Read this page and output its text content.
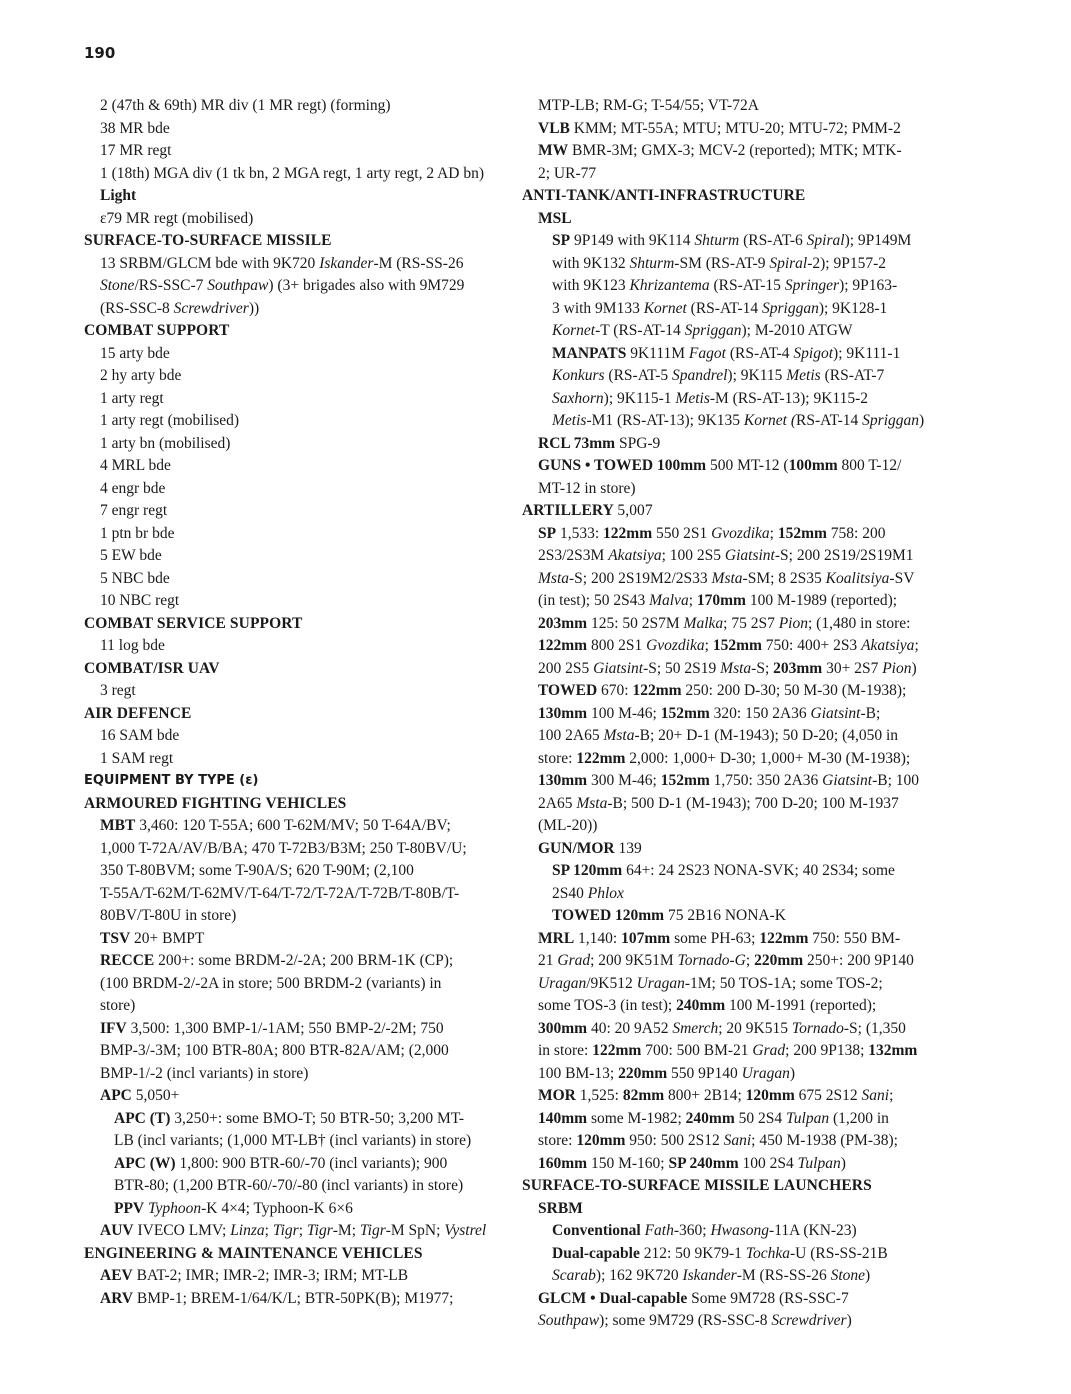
190
2 (47th & 69th) MR div (1 MR regt) (forming)
38 MR bde
17 MR regt
1 (18th) MGA div (1 tk bn, 2 MGA regt, 1 arty regt, 2 AD bn)
Light
ε79 MR regt (mobilised)
SURFACE-TO-SURFACE MISSILE
13 SRBM/GLCM bde with 9K720 Iskander-M (RS-SS-26
Stone/RS-SSC-7 Southpaw) (3+ brigades also with 9M729
(RS-SSC-8 Screwdriver))
COMBAT SUPPORT
15 arty bde
2 hy arty bde
1 arty regt
1 arty regt (mobilised)
1 arty bn (mobilised)
4 MRL bde
4 engr bde
7 engr regt
1 ptn br bde
5 EW bde
5 NBC bde
10 NBC regt
COMBAT SERVICE SUPPORT
11 log bde
COMBAT/ISR UAV
3 regt
AIR DEFENCE
16 SAM bde
1 SAM regt
EQUIPMENT BY TYPE (ε)
ARMOURED FIGHTING VEHICLES
MBT 3,460: 120 T-55A; 600 T-62M/MV; 50 T-64A/BV;
1,000 T-72A/AV/B/BA; 470 T-72B3/B3M; 250 T-80BV/U;
350 T-80BVM; some T-90A/S; 620 T-90M; (2,100
T-55A/T-62M/T-62MV/T-64/T-72/T-72A/T-72B/T-80B/T-
80BV/T-80U in store)
TSV 20+ BMPT
RECCE 200+: some BRDM-2/-2A; 200 BRM-1K (CP);
(100 BRDM-2/-2A in store; 500 BRDM-2 (variants) in
store)
IFV 3,500: 1,300 BMP-1/-1AM; 550 BMP-2/-2M; 750
BMP-3/-3M; 100 BTR-80A; 800 BTR-82A/AM; (2,000
BMP-1/-2 (incl variants) in store)
APC 5,050+
APC (T) 3,250+: some BMO-T; 50 BTR-50; 3,200 MT-
LB (incl variants; (1,000 MT-LB† (incl variants) in store)
APC (W) 1,800: 900 BTR-60/-70 (incl variants); 900
BTR-80; (1,200 BTR-60/-70/-80 (incl variants) in store)
PPV Typhoon-K 4×4; Typhoon-K 6×6
AUV IVECO LMV; Linza; Tigr; Tigr-M; Tigr-M SpN; Vystrel
ENGINEERING & MAINTENANCE VEHICLES
AEV BAT-2; IMR; IMR-2; IMR-3; IRM; MT-LB
ARV BMP-1; BREM-1/64/K/L; BTR-50PK(B); M1977;
MTP-LB; RM-G; T-54/55; VT-72A
VLB KMM; MT-55A; MTU; MTU-20; MTU-72; PMM-2
MW BMR-3M; GMX-3; MCV-2 (reported); MTK; MTK-
2; UR-77
ANTI-TANK/ANTI-INFRASTRUCTURE
MSL
SP 9P149 with 9K114 Shturm (RS-AT-6 Spiral); 9P149M
with 9K132 Shturm-SM (RS-AT-9 Spiral-2); 9P157-2
with 9K123 Khrizantema (RS-AT-15 Springer); 9P163-
3 with 9M133 Kornet (RS-AT-14 Spriggan); 9K128-1
Kornet-T (RS-AT-14 Spriggan); M-2010 ATGW
MANPATS 9K111M Fagot (RS-AT-4 Spigot); 9K111-1
Konkurs (RS-AT-5 Spandrel); 9K115 Metis (RS-AT-7
Saxhorn); 9K115-1 Metis-M (RS-AT-13); 9K115-2
Metis-M1 (RS-AT-13); 9K135 Kornet (RS-AT-14 Spriggan)
RCL 73mm SPG-9
GUNS • TOWED 100mm 500 MT-12 (100mm 800 T-12/
MT-12 in store)
ARTILLERY 5,007
SP 1,533: 122mm 550 2S1 Gvozdika; 152mm 758: 200
2S3/2S3M Akatsiya; 100 2S5 Giatsint-S; 200 2S19/2S19M1
Msta-S; 200 2S19M2/2S33 Msta-SM; 8 2S35 Koalitsiya-SV
(in test); 50 2S43 Malva; 170mm 100 M-1989 (reported);
203mm 125: 50 2S7M Malka; 75 2S7 Pion; (1,480 in store:
122mm 800 2S1 Gvozdika; 152mm 750: 400+ 2S3 Akatsiya;
200 2S5 Giatsint-S; 50 2S19 Msta-S; 203mm 30+ 2S7 Pion)
TOWED 670: 122mm 250: 200 D-30; 50 M-30 (M-1938);
130mm 100 M-46; 152mm 320: 150 2A36 Giatsint-B;
100 2A65 Msta-B; 20+ D-1 (M-1943); 50 D-20; (4,050 in
store: 122mm 2,000: 1,000+ D-30; 1,000+ M-30 (M-1938);
130mm 300 M-46; 152mm 1,750: 350 2A36 Giatsint-B; 100
2A65 Msta-B; 500 D-1 (M-1943); 700 D-20; 100 M-1937
(ML-20))
GUN/MOR 139
SP 120mm 64+: 24 2S23 NONA-SVK; 40 2S34; some
2S40 Phlox
TOWED 120mm 75 2B16 NONA-K
MRL 1,140: 107mm some PH-63; 122mm 750: 550 BM-
21 Grad; 200 9K51M Tornado-G; 220mm 250+: 200 9P140
Uragan/9K512 Uragan-1M; 50 TOS-1A; some TOS-2;
some TOS-3 (in test); 240mm 100 M-1991 (reported);
300mm 40: 20 9A52 Smerch; 20 9K515 Tornado-S; (1,350
in store: 122mm 700: 500 BM-21 Grad; 200 9P138; 132mm
100 BM-13; 220mm 550 9P140 Uragan)
MOR 1,525: 82mm 800+ 2B14; 120mm 675 2S12 Sani;
140mm some M-1982; 240mm 50 2S4 Tulpan (1,200 in
store: 120mm 950: 500 2S12 Sani; 450 M-1938 (PM-38);
160mm 150 M-160; SP 240mm 100 2S4 Tulpan)
SURFACE-TO-SURFACE MISSILE LAUNCHERS
SRBM
Conventional Fath-360; Hwasong-11A (KN-23)
Dual-capable 212: 50 9K79-1 Tochka-U (RS-SS-21B
Scarab); 162 9K720 Iskander-M (RS-SS-26 Stone)
GLCM • Dual-capable Some 9M728 (RS-SSC-7
Southpaw); some 9M729 (RS-SSC-8 Screwdriver)
